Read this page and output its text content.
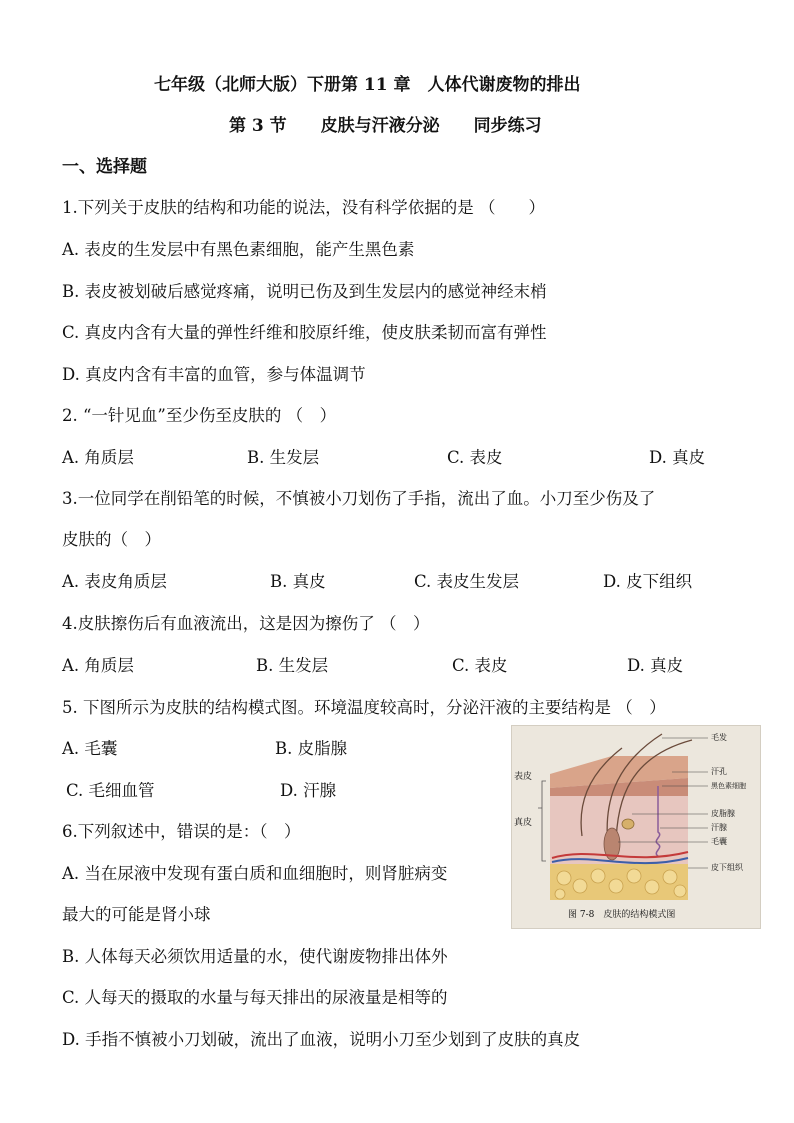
七年级（北师大版）下册第 11 章　人体代谢废物的排出
第 3 节　　皮肤与汗液分泌　　同步练习
一、选择题
1.下列关于皮肤的结构和功能的说法，没有科学依据的是 （　　）
A. 表皮的生发层中有黑色素细胞，能产生黑色素
B. 表皮被划破后感觉疼痛，说明已伤及到生发层内的感觉神经末梢
C. 真皮内含有大量的弹性纤维和胶原纤维，使皮肤柔韧而富有弹性
D. 真皮内含有丰富的血管，参与体温调节
2. “一针见血”至少伤至皮肤的 （　）
A. 角质层	B. 生发层	C. 表皮	D. 真皮
3.一位同学在削铅笔的时候，不慎被小刀划伤了手指，流出了血。小刀至少伤及了
皮肤的（　）
A. 表皮角质层	B. 真皮	C. 表皮生发层	D. 皮下组织
4.皮肤擦伤后有血液流出，这是因为擦伤了 （　）
A. 角质层	B. 生发层	C. 表皮	D. 真皮
5. 下图所示为皮肤的结构模式图。环境温度较高时，分泌汗液的主要结构是 （　）
A. 毛囊	B. 皮脂腺
C. 毛细血管	D. 汗腺
6.下列叙述中，错误的是：（　）
A. 当在尿液中发现有蛋白质和血细胞时，则肾脏病变
最大的可能是肾小球
B. 人体每天必须饮用适量的水，使代谢废物排出体外
C. 人每天的摄取的水量与每天排出的尿液量是相等的
D. 手指不慎被小刀划破，流出了血液，说明小刀至少划到了皮肤的真皮
表皮
真皮
毛发
汗孔
黑色素细胞
皮脂腺
汗腺
毛囊
皮下组织
图 7-8　皮肤的结构模式图
